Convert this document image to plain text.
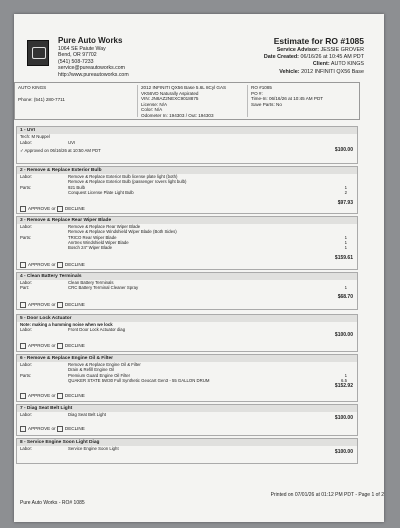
Pure Auto Works
1064 SE Paiute Way
Bend, OR 97702
(541) 508-7233
service@pureautoworks.com
http://www.pureautoworks.com
Estimate for RO #1085
Service Advisor: JESSIE GROVER
Date Created: 06/16/26 at 10:45 AM PDT
Client: AUTO KINGS
Vehicle: 2012 INFINITI QX56 Base
AUTO KINGS
Phone: (541) 280-7711
2012 INFINITI QX56 Base 5.6L 8Cyl GAS
VK56VD Naturally Aspirated
VIN: JN8AZ2NEXC9018875
License: N/A
Color: N/A
Odometer In: 194303 / Out: 194303
RO #1085
PO #:
Time-In: 06/16/26 at 10:45 AM PDT
Save Parts: No
1 - UVI
Tech: M Nuppel
Labor:	UVI
✓ Approved on 06/16/26 at 10:50 AM PDT	$100.00
2 - Remove & Replace Exterior Bulb
Labor:	Remove & Replace Exterior Bulb license plate light (both)
Remove & Replace Exterior Bulb (passenger rovers light bulb)
Parts:	921 Bulb	1
Conquest License Plate Light Bulb	2
$97.93
APPROVE or DECLINE
3 - Remove & Replace Rear Wiper Blade
Labor:	Remove & Replace Rear Wiper Blade
Remove & Replace Windshield Wiper Blade (Both Sides)
Parts:	TRICO Rear Wiper Blade	1
Anrtrex Windshield Wiper Blade	1
Bosch 24" Wiper Blade	1
$159.61
APPROVE or DECLINE
4 - Clean Battery Terminals
Labor:	Clean Battery Terminals
Part:	CRC Battery Terminal Cleaner Spray	1
$68.70
APPROVE or DECLINE
5 - Door Lock Actuator
Note: making a humming noise when we lock
Labor:	Front Door Lock Actuator diag
$100.00
APPROVE or DECLINE
6 - Remove & Replace Engine Oil & Filter
Labor:	Remove & Replace Engine Oil & Filter
Drain & Refill Engine Oil
Parts:	Premium Guard Engine Oil Filter	1
QUAKER STATE 5W30 Full Synthetic Geocart Gen3 - 55 GALLON DRUM	6.5
$152.92
APPROVE or DECLINE
7 - Diag Seat Belt Light
Labor:	Diag Seat Belt Light
$100.00
APPROVE or DECLINE
8 - Service Engine Soon Light Diag
Labor:	Service Engine Soon Light
$100.00
Printed on 07/01/26 at 01:12 PM PDT - Page 1 of 2
Pure Auto Works - RO# 1085
